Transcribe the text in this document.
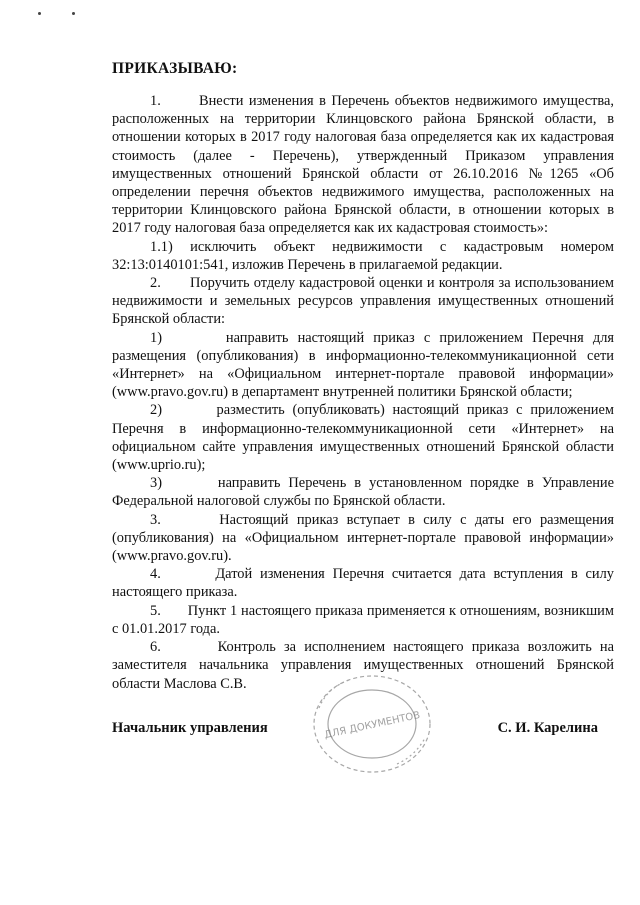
ПРИКАЗЫВАЮ:

1.       Внести изменения в Перечень объектов недвижимого имущества, расположенных на территории Клинцовского района Брянской области, в отношении которых в 2017 году налоговая база определяется как их кадастровая стоимость (далее - Перечень), утвержденный Приказом управления имущественных отношений Брянской области от 26.10.2016 №1265 «Об определении перечня объектов недвижимого имущества, расположенных на территории Клинцовского района Брянской области, в отношении которых в 2017 году налоговая база определяется как их кадастровая стоимость»:

1.1) исключить объект недвижимости с кадастровым номером 32:13:0140101:541, изложив Перечень в прилагаемой редакции.

2.       Поручить отделу кадастровой оценки и контроля за использованием недвижимости и земельных ресурсов управления имущественных отношений Брянской области:

1)       направить настоящий приказ с приложением Перечня для размещения (опубликования) в информационно-телекоммуникационной сети «Интернет» на «Официальном интернет-портале правовой информации» (www.pravo.gov.ru) в департамент внутренней политики Брянской области;

2)       разместить (опубликовать) настоящий приказ с приложением Перечня в информационно-телекоммуникационной сети «Интернет» на официальном сайте управления имущественных отношений Брянской области (www.uprio.ru);

3)       направить Перечень в установленном порядке в Управление Федеральной налоговой службы по Брянской области.

3.       Настоящий приказ вступает в силу с даты его размещения (опубликования) на «Официальном интернет-портале правовой информации» (www.pravo.gov.ru).

4.       Датой изменения Перечня считается дата вступления в силу настоящего приказа.

5.       Пункт 1 настоящего приказа применяется к отношениям, возникшим с 01.01.2017 года.

6.       Контроль за исполнением настоящего приказа возложить на заместителя начальника управления имущественных отношений Брянской области Маслова С.В.

Начальник управления	С. И. Карелина
ДЛЯ ДОКУМЕНТОВ
